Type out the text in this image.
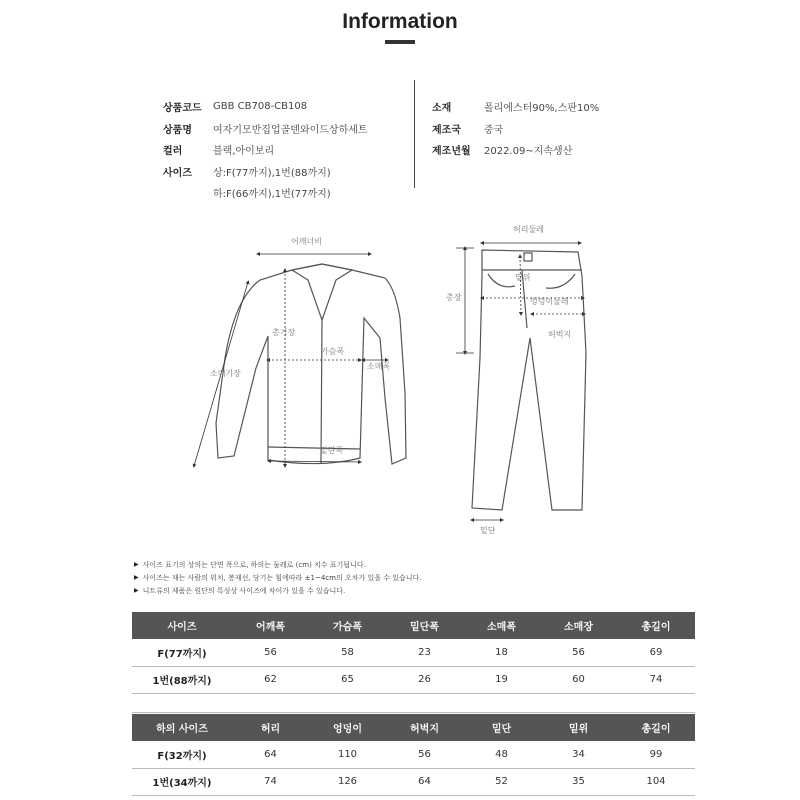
Information
상품코드	GBB CB708-CB108
상품명	여자기모반집업골덴와이드상하세트
컬러	블랙,아이보리
사이즈	상:F(77까지),1번(88까지)
하:F(66까지),1번(77까지)
소재	폴리에스터90%,스판10%
제조국	중국
제조년월	2022.09~지속생산
어깨너비
총기장
가슴폭
소매폭
소매기장
밑단폭
허리둘레
밑위
총장	엉덩이둘레
허벅지
밑단
▶ 사이즈 표기의 상의는 단면 폭으로, 하의는 둘레로 (cm) 치수 표기됩니다.
▶ 사이즈는 재는 사람의 위치, 봉재선, 당기는 힘에따라 ±1~4cm의 오차가 있을 수 있습니다.
▶ 니트류의 제품은 원단의 특성상 사이즈에 차이가 있을 수 있습니다.
사이즈	어깨폭	가슴폭	밑단폭	소매폭	소매장	총길이
F(77까지)	56	58	23	18	56	69
1번(88까지)	62	65	26	19	60	74

하의 사이즈	허리	엉덩이	허벅지	밑단	밑위	총길이
F(32까지)	64	110	56	48	34	99
1번(34까지)	74	126	64	52	35	104
